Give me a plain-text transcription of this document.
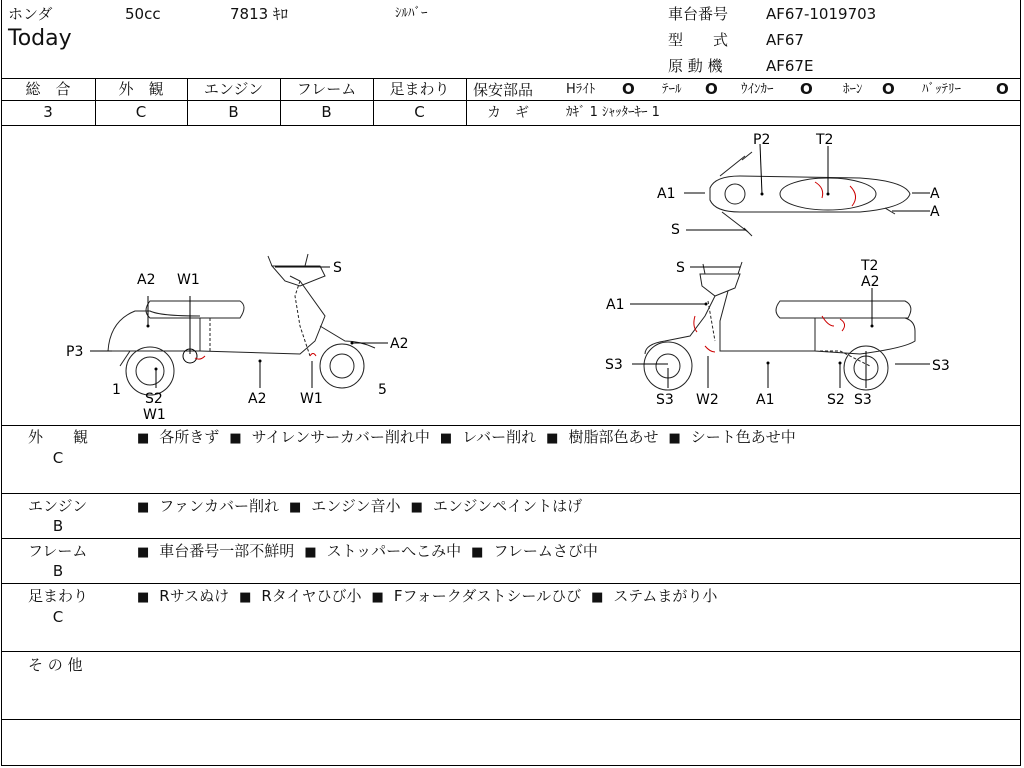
ホンダ	50cc	7813 ｷﾛ	ｼﾙﾊﾞｰ
Today
車台番号	AF67-1019703
型　　式	AF67
原 動 機	AF67E
総　合
3
外　観
C
エンジン
B
フレーム
B
足まわり
C
保安部品	Hﾗｲﾄ O ﾃｰﾙ O ｳｲﾝｶｰ O ﾎｰﾝ O ﾊﾞｯﾃﾘｰ O
カ　ギ	ｶｷﾞ 1 ｼｬｯﾀｰｷｰ 1
A2 W1
S
P3	A2
1
S2
W1
A2 W1
5
P2	T2
A1	A
A
S
S	T2
A2
A1
S3	S3
W2	A1	S2 S3
S3
外　　観
C
■ 各所きず	■ サイレンサーカバー削れ中	■ レバー削れ	■ 樹脂部色あせ	■ シート色あせ中
エンジン
B
■ ファンカバー削れ	■ エンジン音小	■ エンジンペイントはげ
フレーム
B
■ 車台番号一部不鮮明	■ ストッパーへこみ中	■ フレームさび中
足まわり
C
■ Rサスぬけ	■ Rタイヤひび小	■ Fフォークダストシールひび	■ ステムまがり小
そ の 他
